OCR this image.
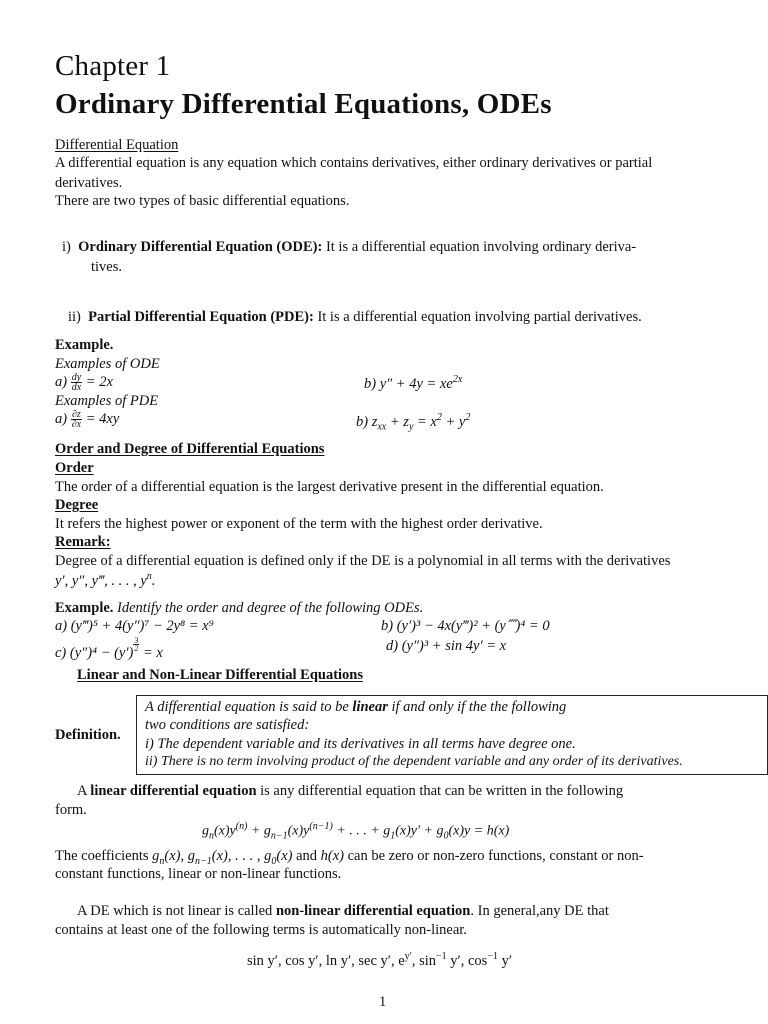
Chapter 1
Ordinary Differential Equations, ODEs
Differential Equation
A differential equation is any equation which contains derivatives, either ordinary derivatives or partial
derivatives.
There are two types of basic differential equations.
i) Ordinary Differential Equation (ODE): It is a differential equation involving ordinary deriva-
tives.
ii) Partial Differential Equation (PDE): It is a differential equation involving partial derivatives.
Example.
Examples of ODE
$a) \frac{dy}{dx} = 2x$	b) $y'' + 4y = xe^{2x}$
Examples of PDE
$a) \frac{\partial z}{\partial x} = 4xy$	b) $z_{xx} + z_y = x^2 + y^2$
Order and Degree of Differential Equations
Order
The order of a differential equation is the largest derivative present in the differential equation.
Degree
It refers the highest power or exponent of the term with the highest order derivative.
Remark:
Degree of a differential equation is defined only if the DE is a polynomial in all terms with the derivatives
y′, y″, y‴, . . . , $y^n$.
Example. Identify the order and degree of the following ODEs.
a) (y‴)⁵ + 4(y″)⁷ − 2y⁸ = x⁹	b) (y′)³ − 4x(y‴)² + (y⁗)⁴ = 0
c) (y″)⁴ − (y′)
$^{\frac{3}{2}}$
= x	d) (y″)³ + sin 4y′ = x
Linear and Non-Linear Differential Equations
Definition.
A differential equation is said to be linear if and only if the the following
two conditions are satisfied:
i) The dependent variable and its derivatives in all terms have degree one.
ii) There is no term involving product of the dependent variable and any order of its derivatives.
A linear differential equation is any differential equation that can be written in the following
form.
$g_n(x)y^{(n)} + g_{n-1}(x)y^{(n-1)}$ + . . . + $g_1(x)y' + g_0(x)y = h(x)$
The coefficients $g_n(x)$, $g_{n-1}(x)$, . . . , $g_0(x)$ and h(x) can be zero or non-zero functions, constant or non-
constant functions, linear or non-linear functions.
A DE which is not linear is called non-linear differential equation. In general,any DE that
contains at least one of the following terms is automatically non-linear.
sin y′, cos y′, ln y′, sec y′, $e^{y'}$, $\sin^{-1} y'$, $\cos^{-1} y'$
1
